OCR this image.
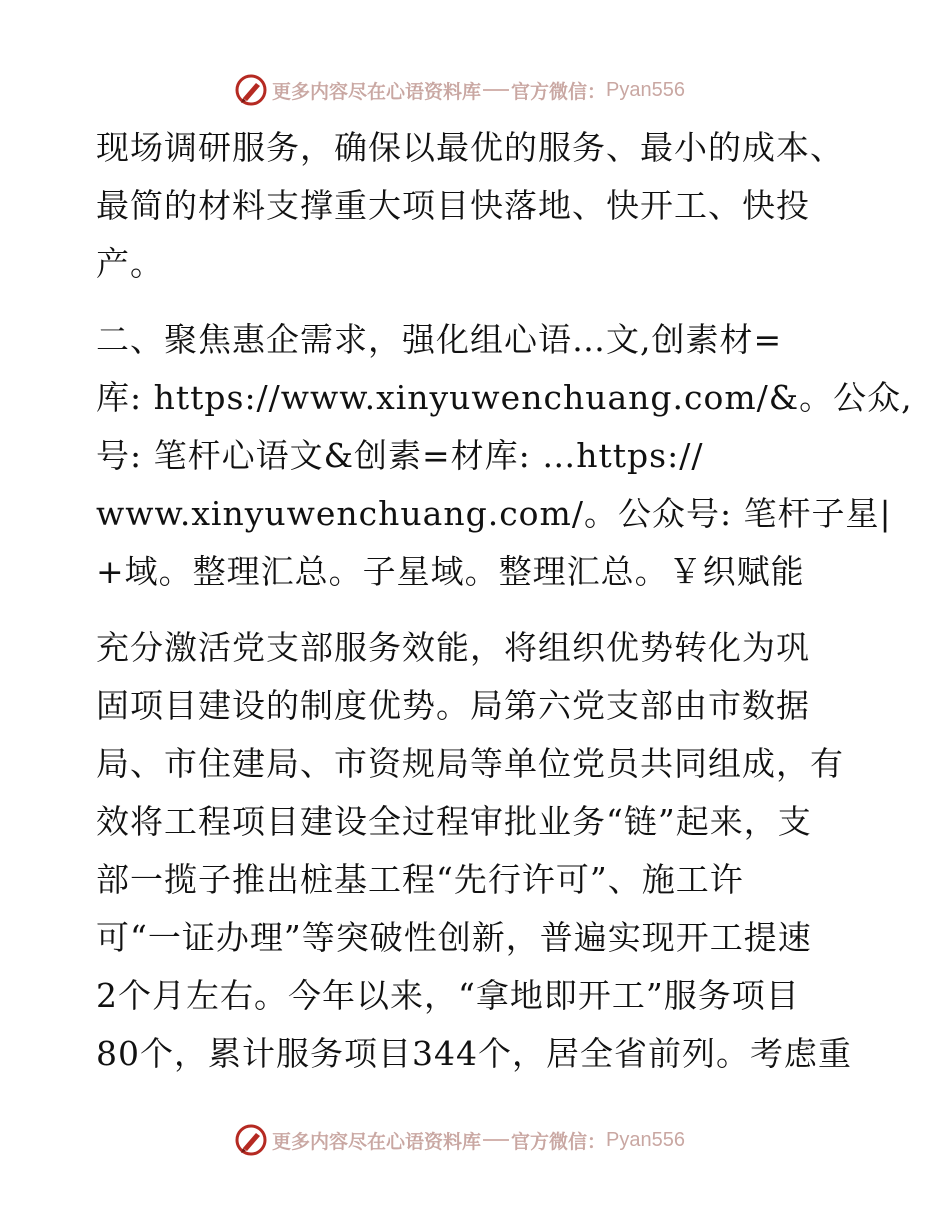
更多内容尽在心语资料库 官方微信： Pyan556
现场调研服务，确保以最优的服务、最小的成本、
最简的材料支撑重大项目快落地、快开工、快投
产。
二、聚焦惠企需求，强化组心语…文,创素材=
库: https://www.xinyuwenchuang.com/&。公众,
号: 笔杆心语文&创素=材库: …https://
www.xinyuwenchuang.com/。公众号: 笔杆子星|
+域。整理汇总。子星域。整理汇总。￥织赋能
充分激活党支部服务效能，将组织优势转化为巩
固项目建设的制度优势。局第六党支部由市数据
局、市住建局、市资规局等单位党员共同组成，有
效将工程项目建设全过程审批业务“链”起来，支
部一揽子推出桩基工程“先行许可”、施工许
可“一证办理”等突破性创新，普遍实现开工提速
2个月左右。今年以来，“拿地即开工”服务项目
80个，累计服务项目344个，居全省前列。考虑重
更多内容尽在心语资料库 官方微信： Pyan556
